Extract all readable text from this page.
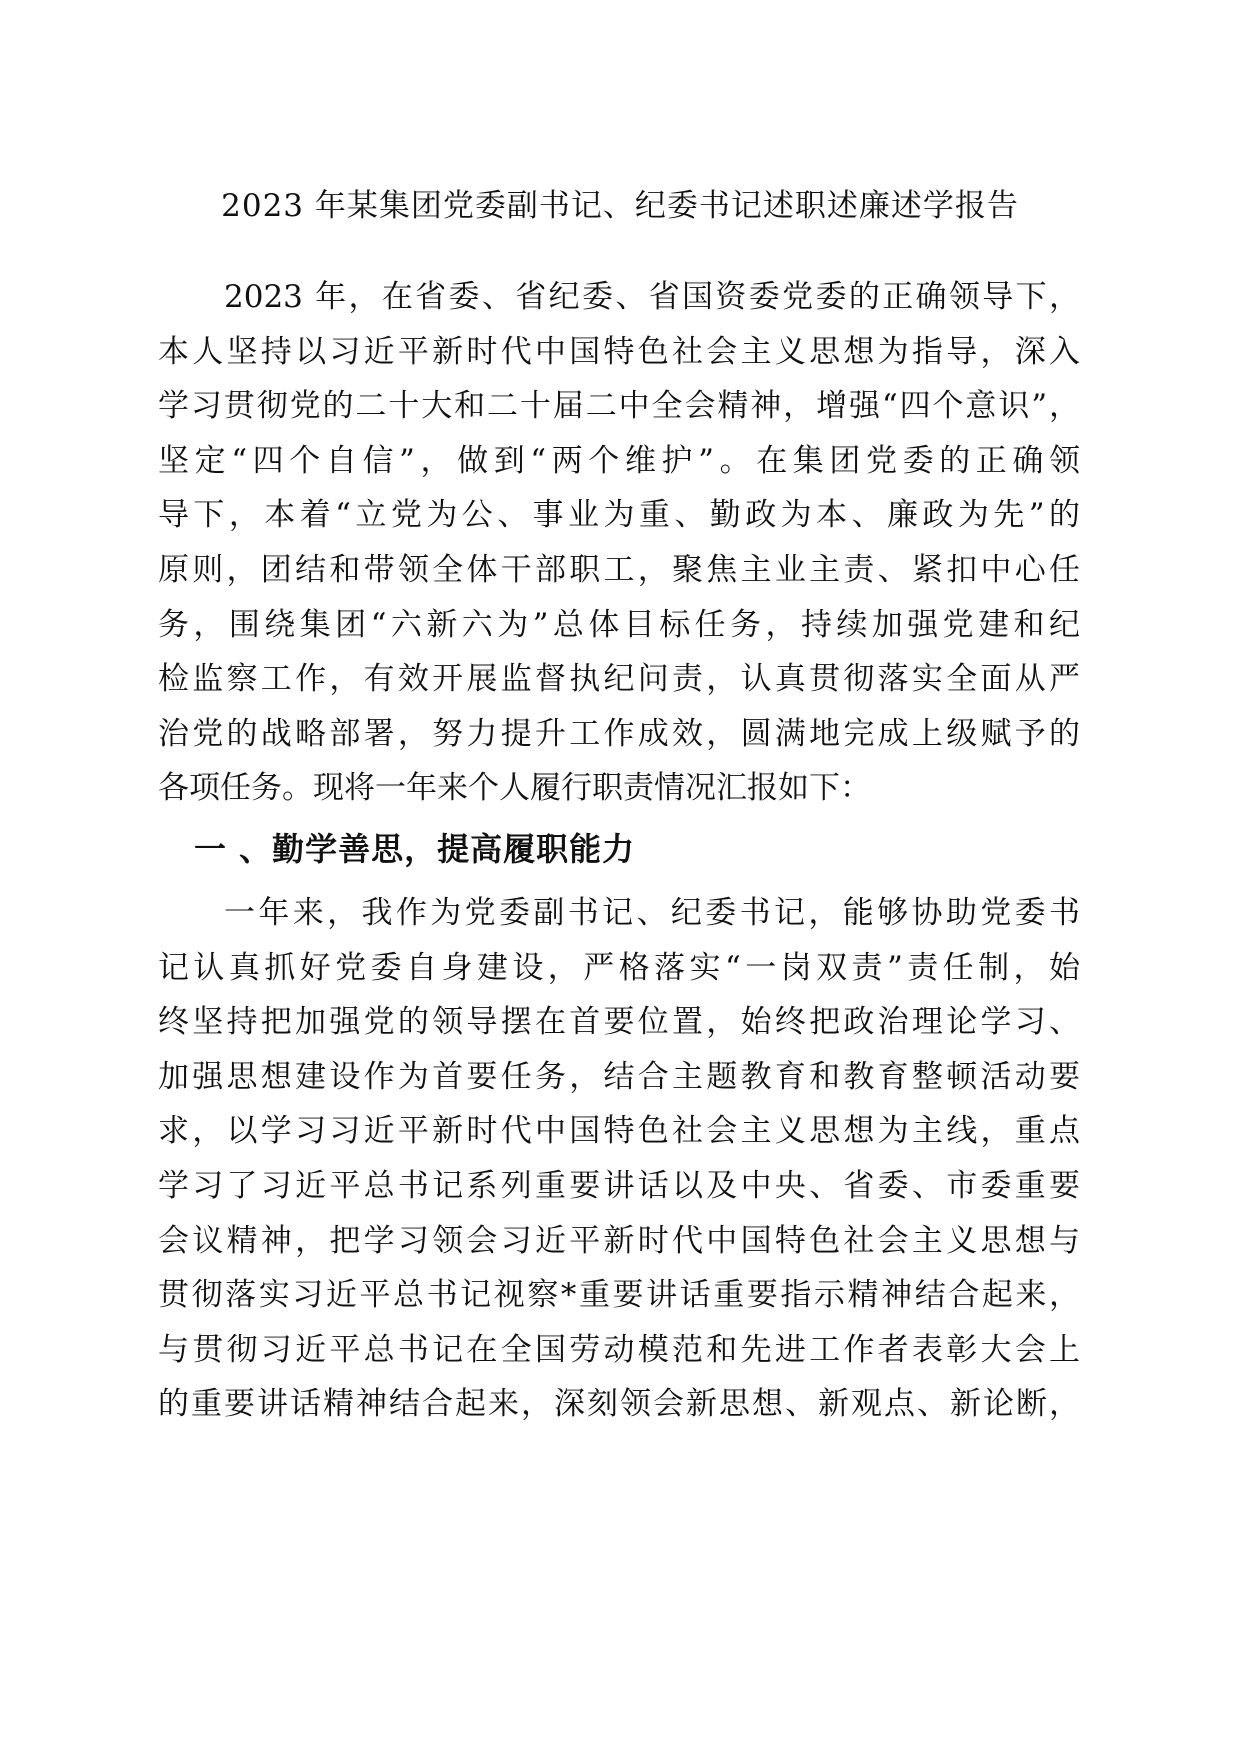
2023 年某集团党委副书记、纪委书记述职述廉述学报告
2023 年，在省委、省纪委、省国资委党委的正确领导下，
本人坚持以习近平新时代中国特色社会主义思想为指导，深入
学习贯彻党的二十大和二十届二中全会精神，增强“四个意识”，
坚定“四个自信”，做到“两个维护”。在集团党委的正确领
导下，本着“立党为公、事业为重、勤政为本、廉政为先”的
原则，团结和带领全体干部职工，聚焦主业主责、紧扣中心任
务，围绕集团“六新六为”总体目标任务，持续加强党建和纪
检监察工作，有效开展监督执纪问责，认真贯彻落实全面从严
治党的战略部署，努力提升工作成效，圆满地完成上级赋予的
各项任务。现将一年来个人履行职责情况汇报如下：
一 、勤学善思，提高履职能力
一年来，我作为党委副书记、纪委书记，能够协助党委书
记认真抓好党委自身建设，严格落实“一岗双责”责任制，始
终坚持把加强党的领导摆在首要位置，始终把政治理论学习、
加强思想建设作为首要任务，结合主题教育和教育整顿活动要
求，以学习习近平新时代中国特色社会主义思想为主线，重点
学习了习近平总书记系列重要讲话以及中央、省委、市委重要
会议精神，把学习领会习近平新时代中国特色社会主义思想与
贯彻落实习近平总书记视察*重要讲话重要指示精神结合起来，
与贯彻习近平总书记在全国劳动模范和先进工作者表彰大会上
的重要讲话精神结合起来，深刻领会新思想、新观点、新论断，
